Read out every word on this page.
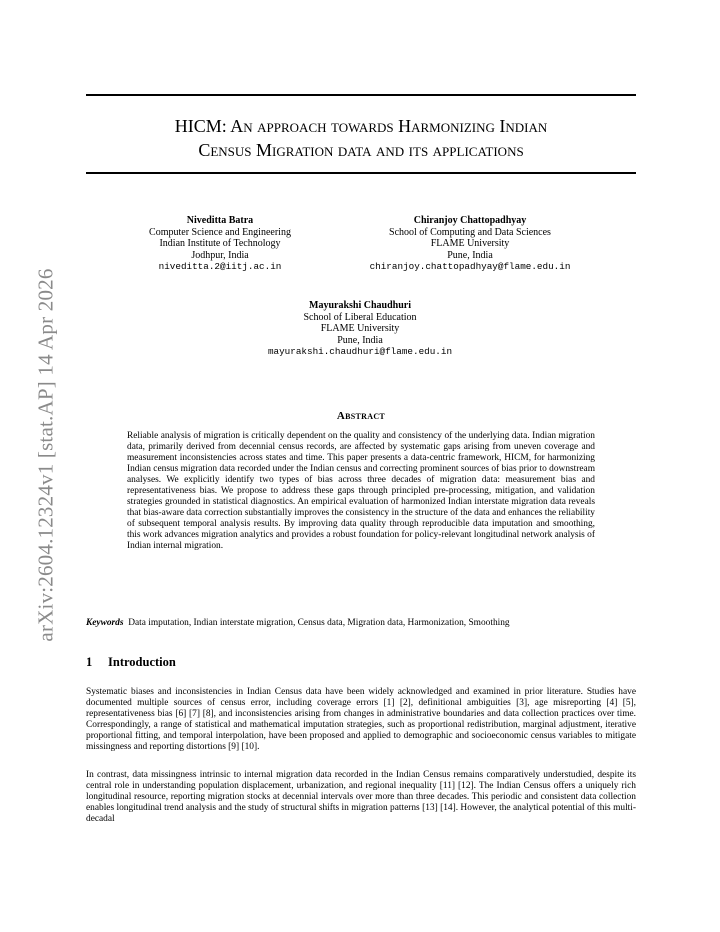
arXiv:2604.12324v1 [stat.AP] 14 Apr 2026
HICM: An approach towards Harmonizing Indian
Census Migration data and its applications
Niveditta Batra
Computer Science and Engineering
Indian Institute of Technology
Jodhpur, India
niveditta.2@iitj.ac.in
Chiranjoy Chattopadhyay
School of Computing and Data Sciences
FLAME University
Pune, India
chiranjoy.chattopadhyay@flame.edu.in
Mayurakshi Chaudhuri
School of Liberal Education
FLAME University
Pune, India
mayurakshi.chaudhuri@flame.edu.in
Abstract
Reliable analysis of migration is critically dependent on the quality and consistency of the underlying data. Indian migration data, primarily derived from decennial census records, are affected by systematic gaps arising from uneven coverage and measurement inconsistencies across states and time. This paper presents a data-centric framework, HICM, for harmonizing Indian census migration data recorded under the Indian census and correcting prominent sources of bias prior to downstream analyses. We explicitly identify two types of bias across three decades of migration data: measurement bias and representativeness bias. We propose to address these gaps through principled pre-processing, mitigation, and validation strategies grounded in statistical diagnostics. An empirical evaluation of harmonized Indian interstate migration data reveals that bias-aware data correction substantially improves the consistency in the structure of the data and enhances the reliability of subsequent temporal analysis results. By improving data quality through reproducible data imputation and smoothing, this work advances migration analytics and provides a robust foundation for policy-relevant longitudinal network analysis of Indian internal migration.
Keywords Data imputation, Indian interstate migration, Census data, Migration data, Harmonization, Smoothing
1 Introduction
Systematic biases and inconsistencies in Indian Census data have been widely acknowledged and examined in prior literature. Studies have documented multiple sources of census error, including coverage errors [1] [2], definitional ambiguities [3], age misreporting [4] [5], representativeness bias [6] [7] [8], and inconsistencies arising from changes in administrative boundaries and data collection practices over time. Correspondingly, a range of statistical and mathematical imputation strategies, such as proportional redistribution, marginal adjustment, iterative proportional fitting, and temporal interpolation, have been proposed and applied to demographic and socioeconomic census variables to mitigate missingness and reporting distortions [9] [10].
In contrast, data missingness intrinsic to internal migration data recorded in the Indian Census remains comparatively understudied, despite its central role in understanding population displacement, urbanization, and regional inequality [11] [12]. The Indian Census offers a uniquely rich longitudinal resource, reporting migration stocks at decennial intervals over more than three decades. This periodic and consistent data collection enables longitudinal trend analysis and the study of structural shifts in migration patterns [13] [14]. However, the analytical potential of this multi-decadal
